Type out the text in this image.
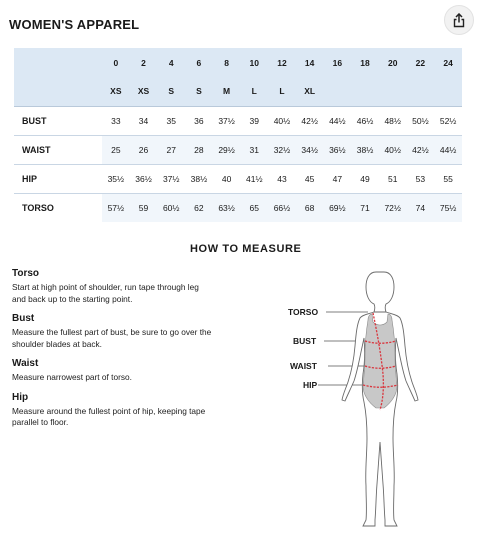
WOMEN'S APPAREL
	0	2	4	6	8	10	12	14	16	18	20	22	24
	XS	XS	S	S	M	L	L	XL					
BUST	33	34	35	36	37½	39	40½	42½	44½	46½	48½	50½	52½
WAIST	25	26	27	28	29½	31	32½	34½	36½	38½	40½	42½	44½
HIP	35½	36½	37½	38½	40	41½	43	45	47	49	51	53	55
TORSO	57½	59	60½	62	63½	65	66½	68	69½	71	72½	74	75½
HOW TO MEASURE
Torso
Start at high point of shoulder, run tape through leg and back up to the starting point.
Bust
Measure the fullest part of bust, be sure to go over the shoulder blades at back.
Waist
Measure narrowest part of torso.
Hip
Measure around the fullest point of hip, keeping tape parallel to floor.
TORSO
BUST
WAIST
HIP
